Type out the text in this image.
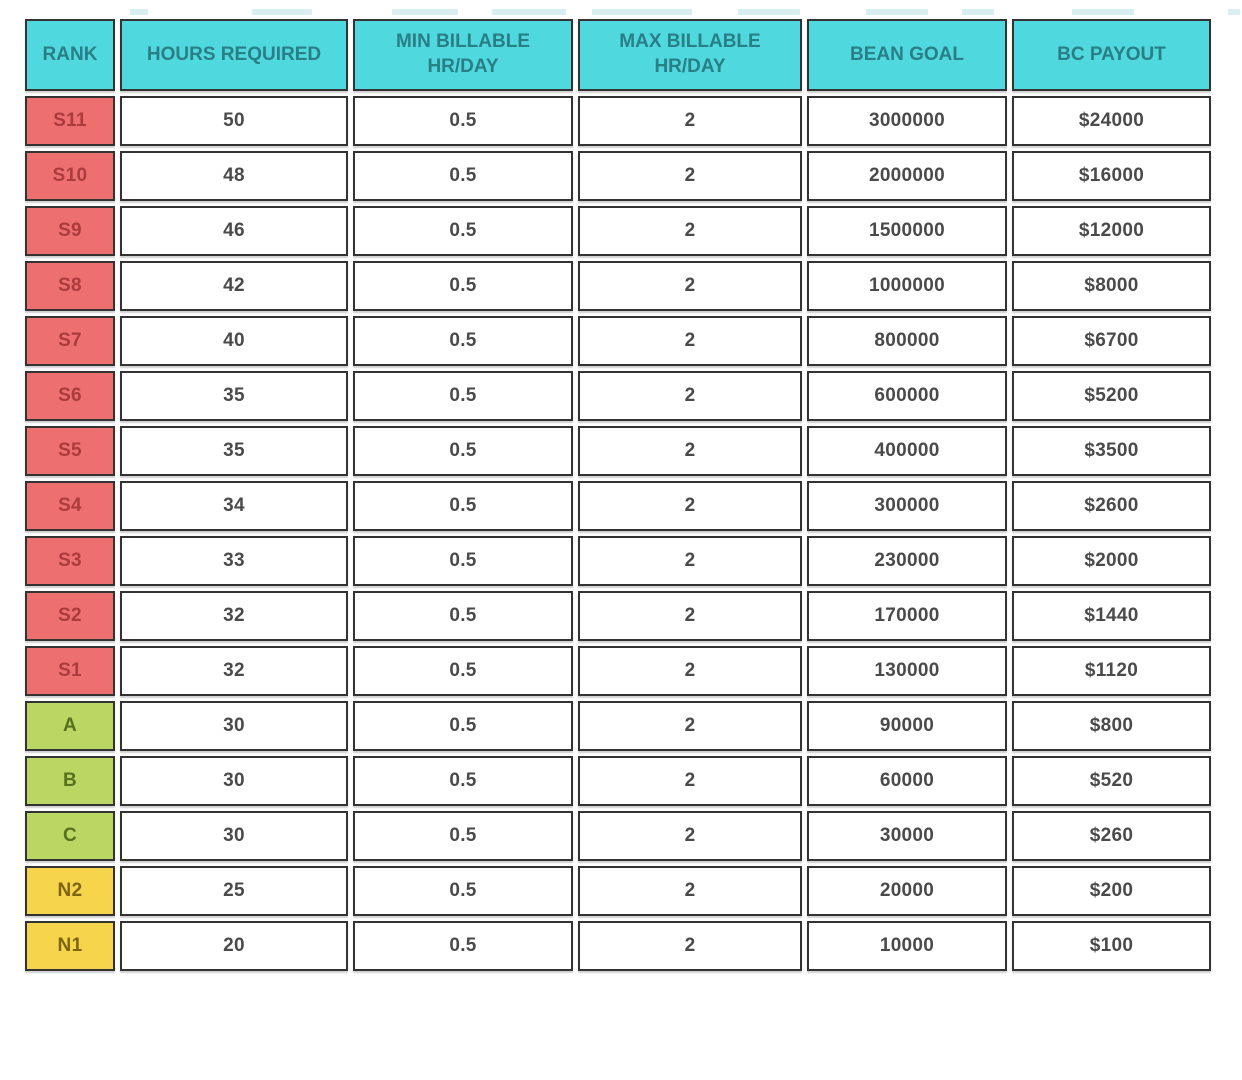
RANK	HOURS REQUIRED	MIN BILLABLE HR/DAY	MAX BILLABLE HR/DAY	BEAN GOAL	BC PAYOUT
S11	50	0.5	2	3000000	$24000
S10	48	0.5	2	2000000	$16000
S9	46	0.5	2	1500000	$12000
S8	42	0.5	2	1000000	$8000
S7	40	0.5	2	800000	$6700
S6	35	0.5	2	600000	$5200
S5	35	0.5	2	400000	$3500
S4	34	0.5	2	300000	$2600
S3	33	0.5	2	230000	$2000
S2	32	0.5	2	170000	$1440
S1	32	0.5	2	130000	$1120
A	30	0.5	2	90000	$800
B	30	0.5	2	60000	$520
C	30	0.5	2	30000	$260
N2	25	0.5	2	20000	$200
N1	20	0.5	2	10000	$100
